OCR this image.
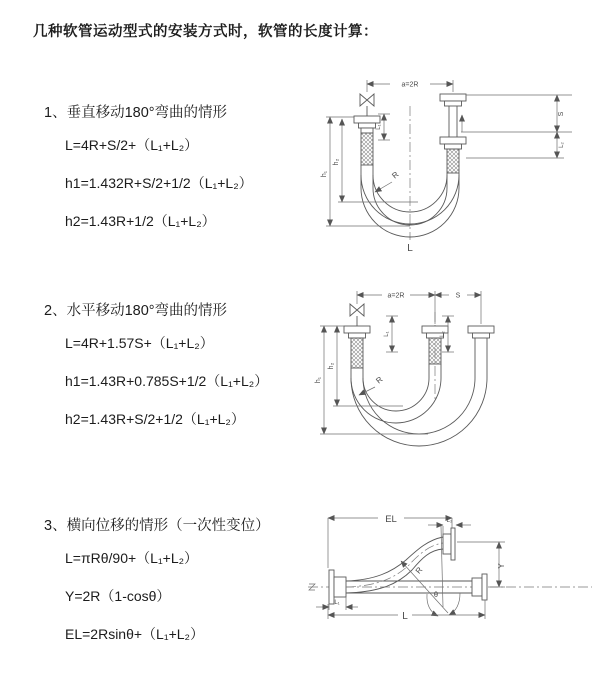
几种软管运动型式的安装方式时，软管的长度计算：
1、垂直移动180°弯曲的情形
L=4R+S/2+（L₁+L₂）
h1=1.432R+S/2+1/2（L₁+L₂）
h2=1.43R+1/2（L₁+L₂）
2、水平移动180°弯曲的情形
L=4R+1.57S+（L₁+L₂）
h1=1.43R+0.785S+1/2（L₁+L₂）
h2=1.43R+S/2+1/2（L₁+L₂）
3、横向位移的情形（一次性变位）
L=πRθ/90+（L₁+L₂）
Y=2R（1-cosθ）
EL=2Rsinθ+（L₁+L₂）
a=2R
h₁
h₂
L₁
S
L₂
R
L
a=2R	S
h₁
h₂
L₁	L₂
R
R
θ
EL	L₂
Y
L
L₁
